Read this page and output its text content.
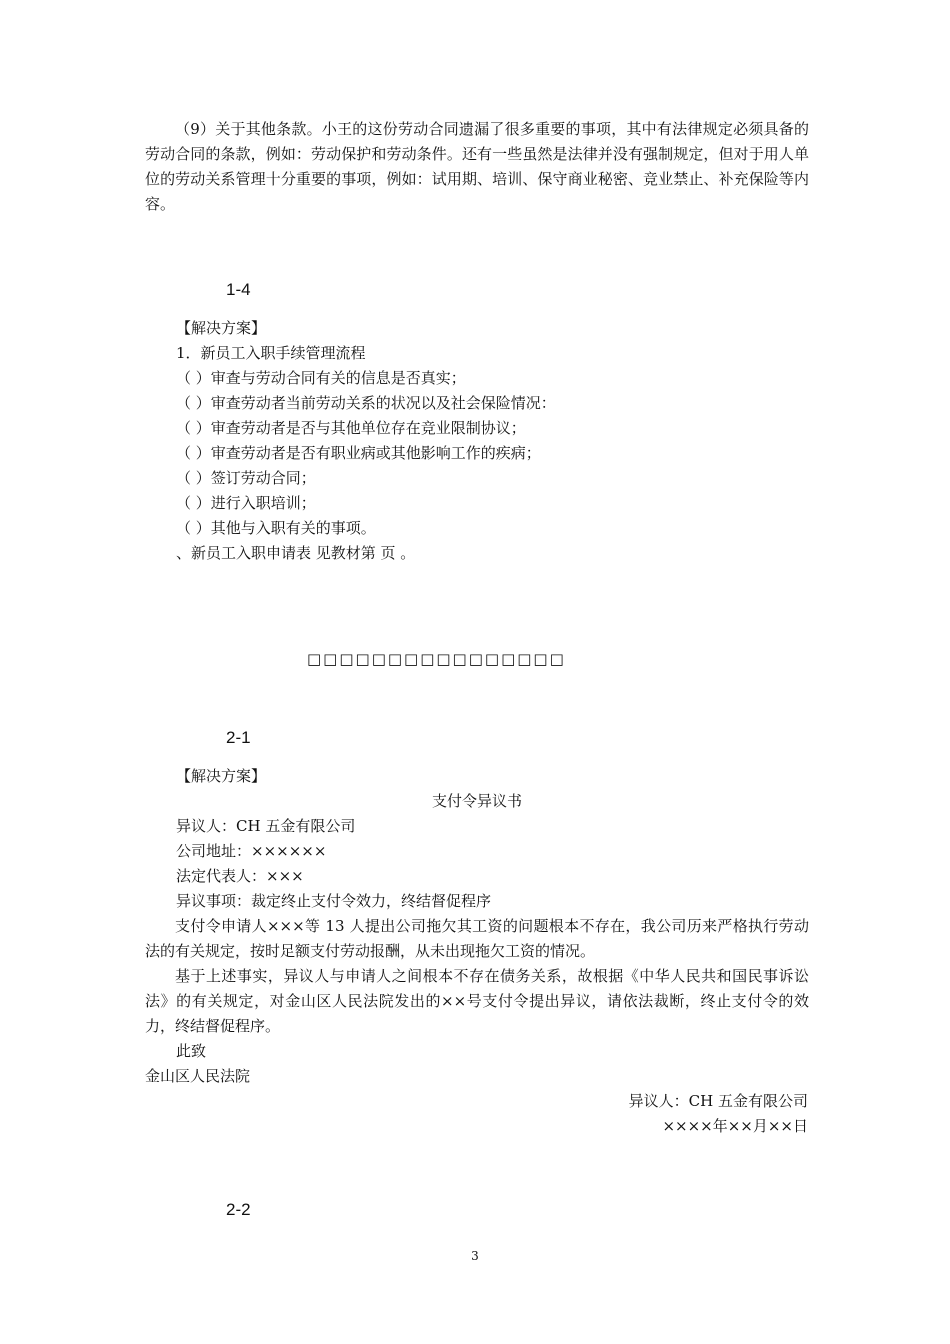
（9）关于其他条款。小王的这份劳动合同遗漏了很多重要的事项，其中有法律规定必须具备的劳动合同的条款，例如：劳动保护和劳动条件。还有一些虽然是法律并没有强制规定，但对于用人单位的劳动关系管理十分重要的事项，例如：试用期、培训、保守商业秘密、竞业禁止、补充保险等内容。
1-4
【解决方案】
1．新员工入职手续管理流程
（ ）审查与劳动合同有关的信息是否真实；
（ ）审查劳动者当前劳动关系的状况以及社会保险情况：
（ ）审查劳动者是否与其他单位存在竞业限制协议；
（ ）审查劳动者是否有职业病或其他影响工作的疾病；
（ ）签订劳动合同；
（ ）进行入职培训；
（ ）其他与入职有关的事项。
、新员工入职申请表 见教材第 页 。
□□□□□□□□□□□□□□□□
2-1
【解决方案】
支付令异议书
异议人：CH 五金有限公司
公司地址：××××××
法定代表人：×××
异议事项：裁定终止支付令效力，终结督促程序
支付令申请人×××等 13 人提出公司拖欠其工资的问题根本不存在，我公司历来严格执行劳动法的有关规定，按时足额支付劳动报酬，从未出现拖欠工资的情况。
基于上述事实，异议人与申请人之间根本不存在债务关系，故根据《中华人民共和国民事诉讼法》的有关规定，对金山区人民法院发出的××号支付令提出异议，请依法裁断，终止支付令的效力，终结督促程序。
此致
金山区人民法院
异议人：CH 五金有限公司
××××年××月××日
2-2
3
